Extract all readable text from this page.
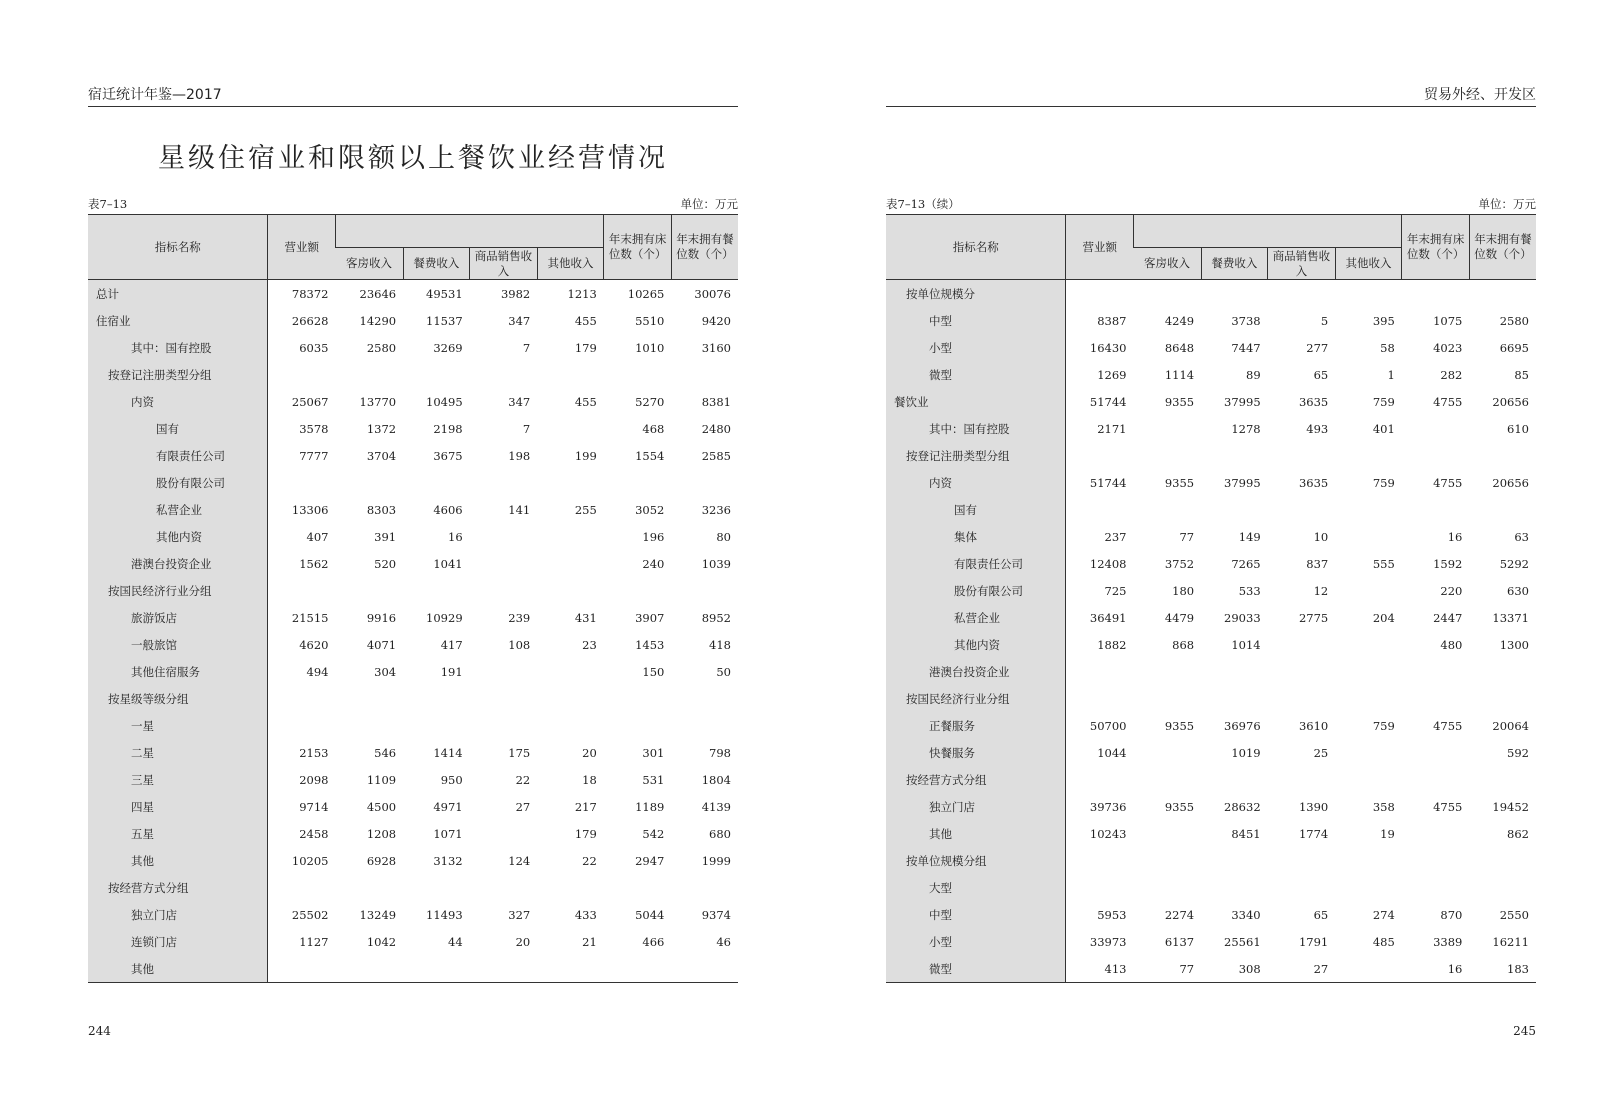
宿迁统计年鉴—2017
星级住宿业和限额以上餐饮业经营情况
表7–13	单位：万元
指标名称	营业额					年末拥有床位数（个）	年末拥有餐位数（个）
		客房收入	餐费收入	商品销售收入	其他收入		
总计	78372	23646	49531	3982	1213	10265	30076
住宿业	26628	14290	11537	347	455	5510	9420
其中：国有控股	6035	2580	3269	7	179	1010	3160
按登记注册类型分组							
内资	25067	13770	10495	347	455	5270	8381
国有	3578	1372	2198	7		468	2480
有限责任公司	7777	3704	3675	198	199	1554	2585
股份有限公司							
私营企业	13306	8303	4606	141	255	3052	3236
其他内资	407	391	16			196	80
港澳台投资企业	1562	520	1041			240	1039
按国民经济行业分组							
旅游饭店	21515	9916	10929	239	431	3907	8952
一般旅馆	4620	4071	417	108	23	1453	418
其他住宿服务	494	304	191			150	50
按星级等级分组							
一星							
二星	2153	546	1414	175	20	301	798
三星	2098	1109	950	22	18	531	1804
四星	9714	4500	4971	27	217	1189	4139
五星	2458	1208	1071		179	542	680
其他	10205	6928	3132	124	22	2947	1999
按经营方式分组							
独立门店	25502	13249	11493	327	433	5044	9374
连锁门店	1127	1042	44	20	21	466	46
其他							
244
贸易外经、开发区
表7–13（续）	单位：万元
指标名称	营业额					年末拥有床位数（个）	年末拥有餐位数（个）
		客房收入	餐费收入	商品销售收入	其他收入		
按单位规模分							
中型	8387	4249	3738	5	395	1075	2580
小型	16430	8648	7447	277	58	4023	6695
微型	1269	1114	89	65	1	282	85
餐饮业	51744	9355	37995	3635	759	4755	20656
其中：国有控股	2171		1278	493	401		610
按登记注册类型分组							
内资	51744	9355	37995	3635	759	4755	20656
国有							
集体	237	77	149	10		16	63
有限责任公司	12408	3752	7265	837	555	1592	5292
股份有限公司	725	180	533	12		220	630
私营企业	36491	4479	29033	2775	204	2447	13371
其他内资	1882	868	1014			480	1300
港澳台投资企业							
按国民经济行业分组							
正餐服务	50700	9355	36976	3610	759	4755	20064
快餐服务	1044		1019	25			592
按经营方式分组							
独立门店	39736	9355	28632	1390	358	4755	19452
其他	10243		8451	1774	19		862
按单位规模分组							
大型							
中型	5953	2274	3340	65	274	870	2550
小型	33973	6137	25561	1791	485	3389	16211
微型	413	77	308	27		16	183
245
